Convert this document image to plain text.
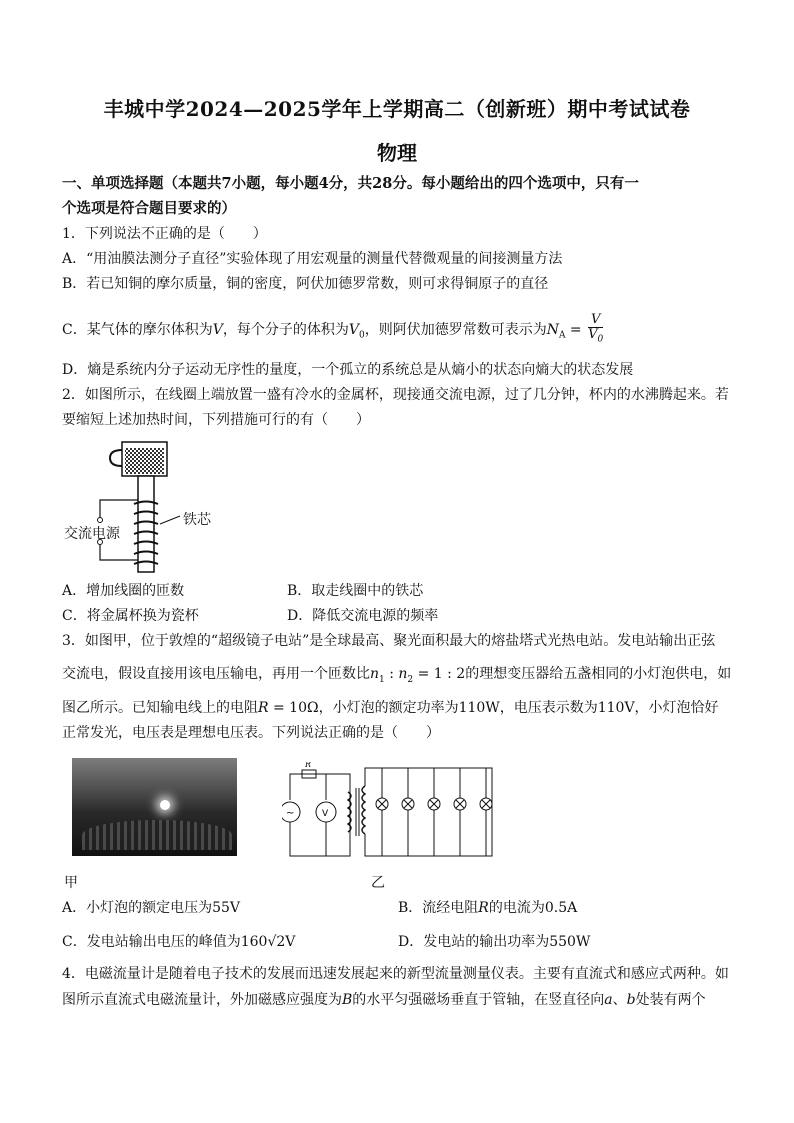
丰城中学2024—2025学年上学期高二（创新班）期中考试试卷
物理
一、单项选择题（本题共7小题，每小题4分，共28分。每小题给出的四个选项中，只有一
个选项是符合题目要求的）
1．下列说法不正确的是（　　）
A．“用油膜法测分子直径”实验体现了用宏观量的测量代替微观量的间接测量方法
B．若已知铜的摩尔质量，铜的密度，阿伏加德罗常数，则可求得铜原子的直径
C．某气体的摩尔体积为V，每个分子的体积为$V_0$，则阿伏加德罗常数可表示为$N_A = \frac{V}{V_0}$
D．熵是系统内分子运动无序性的量度，一个孤立的系统总是从熵小的状态向熵大的状态发展
2．如图所示，在线圈上端放置一盛有冷水的金属杯，现接通交流电源，过了几分钟，杯内的水沸腾起来。若
要缩短上述加热时间，下列措施可行的有（　　）
交流电源
铁芯
A．增加线圈的匝数	B．取走线圈中的铁芯
C．将金属杯换为瓷杯	D．降低交流电源的频率
3．如图甲，位于敦煌的“超级镜子电站”是全球最高、聚光面积最大的熔盐塔式光热电站。发电站输出正弦
交流电，假设直接用该电压输电，再用一个匝数比$n_1$ : $n_2 = 1$ : 2的理想变压器给五盏相同的小灯泡供电，如
图乙所示。已知输电线上的电阻R = 10Ω，小灯泡的额定功率为110W，电压表示数为110V，小灯泡恰好
正常发光，电压表是理想电压表。下列说法正确的是（　　）
R
V
~
甲	乙
A．小灯泡的额定电压为55V	B．流经电阻R的电流为0.5A
C．发电站输出电压的峰值为160√2V	D．发电站的输出功率为550W
4．电磁流量计是随着电子技术的发展而迅速发展起来的新型流量测量仪表。主要有直流式和感应式两种。如
图所示直流式电磁流量计，外加磁感应强度为B的水平匀强磁场垂直于管轴，在竖直径向a、b处装有两个
